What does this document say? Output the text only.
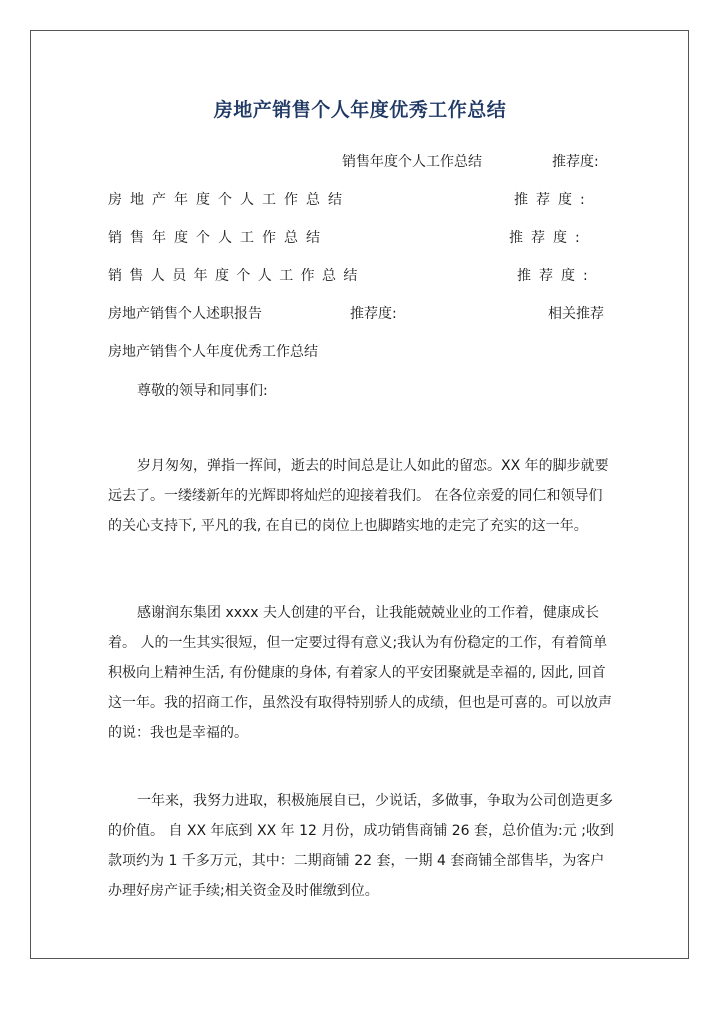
房地产销售个人年度优秀工作总结
销售年度个人工作总结	推荐度:
房地产年度个人工作总结	推荐度:
销售年度个人工作总结	推荐度:
销售人员年度个人工作总结	推荐度:
房地产销售个人述职报告	推荐度:	相关推荐
房地产销售个人年度优秀工作总结
尊敬的领导和同事们:

岁月匆匆，弹指一挥间，逝去的时间总是让人如此的留恋。XX 年的脚步就要远去了。一缕缕新年的光辉即将灿烂的迎接着我们。 在各位亲爱的同仁和领导们的关心支持下, 平凡的我, 在自已的岗位上也脚踏实地的走完了充实的这一年。

感谢润东集团 xxxx 夫人创建的平台，让我能兢兢业业的工作着，健康成长着。 人的一生其实很短，但一定要过得有意义;我认为有份稳定的工作，有着简单积极向上精神生活, 有份健康的身体, 有着家人的平安团聚就是幸福的, 因此, 回首这一年。我的招商工作，虽然没有取得特别骄人的成绩，但也是可喜的。可以放声的说：我也是幸福的。

一年来，我努力进取，积极施展自已，少说话，多做事，争取为公司创造更多的价值。 自 XX 年底到 XX 年 12 月份，成功销售商铺 26 套，总价值为:元 ;收到款项约为 1 千多万元，其中：二期商铺 22 套，一期 4 套商铺全部售毕，为客户办理好房产证手续;相关资金及时催缴到位。
